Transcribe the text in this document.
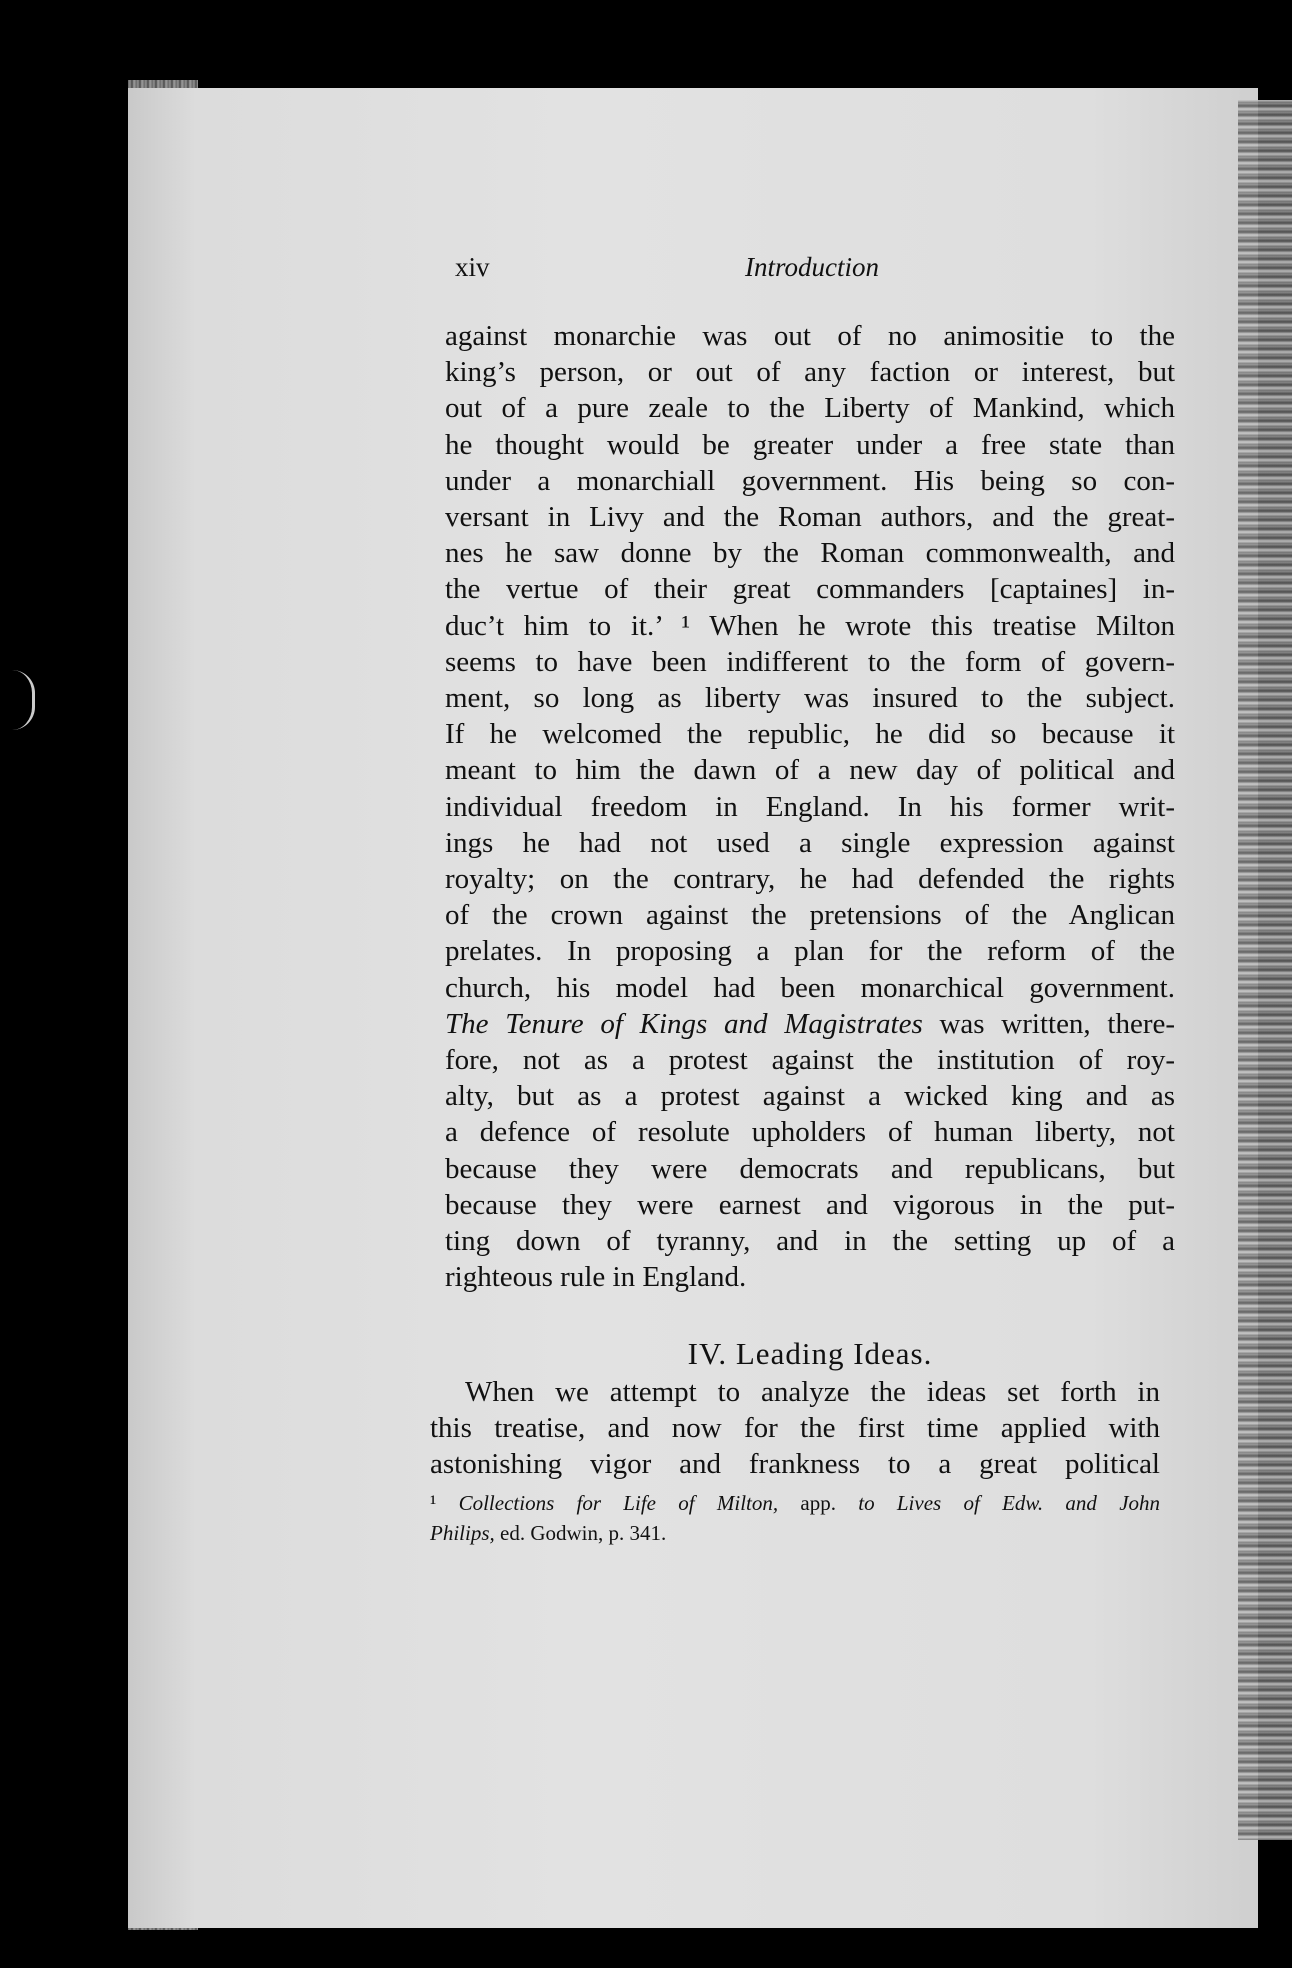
xiv	Introduction
against monarchie was out of no animositie to the
king’s person, or out of any faction or interest, but
out of a pure zeale to the Liberty of Mankind, which
he thought would be greater under a free state than
under a monarchiall government. His being so con-
versant in Livy and the Roman authors, and the great-
nes he saw donne by the Roman commonwealth, and
the vertue of their great commanders [captaines] in-
duc’t him to it.’ ¹ When he wrote this treatise Milton
seems to have been indifferent to the form of govern-
ment, so long as liberty was insured to the subject.
If he welcomed the republic, he did so because it
meant to him the dawn of a new day of political and
individual freedom in England. In his former writ-
ings he had not used a single expression against
royalty; on the contrary, he had defended the rights
of the crown against the pretensions of the Anglican
prelates. In proposing a plan for the reform of the
church, his model had been monarchical government.
The Tenure of Kings and Magistrates was written, there-
fore, not as a protest against the institution of roy-
alty, but as a protest against a wicked king and as
a defence of resolute upholders of human liberty, not
because they were democrats and republicans, but
because they were earnest and vigorous in the put-
ting down of tyranny, and in the setting up of a
righteous rule in England.
IV. Leading Ideas.
When we attempt to analyze the ideas set forth in
this treatise, and now for the first time applied with
astonishing vigor and frankness to a great political
¹ Collections for Life of Milton, app. to Lives of Edw. and John
Philips, ed. Godwin, p. 341.
